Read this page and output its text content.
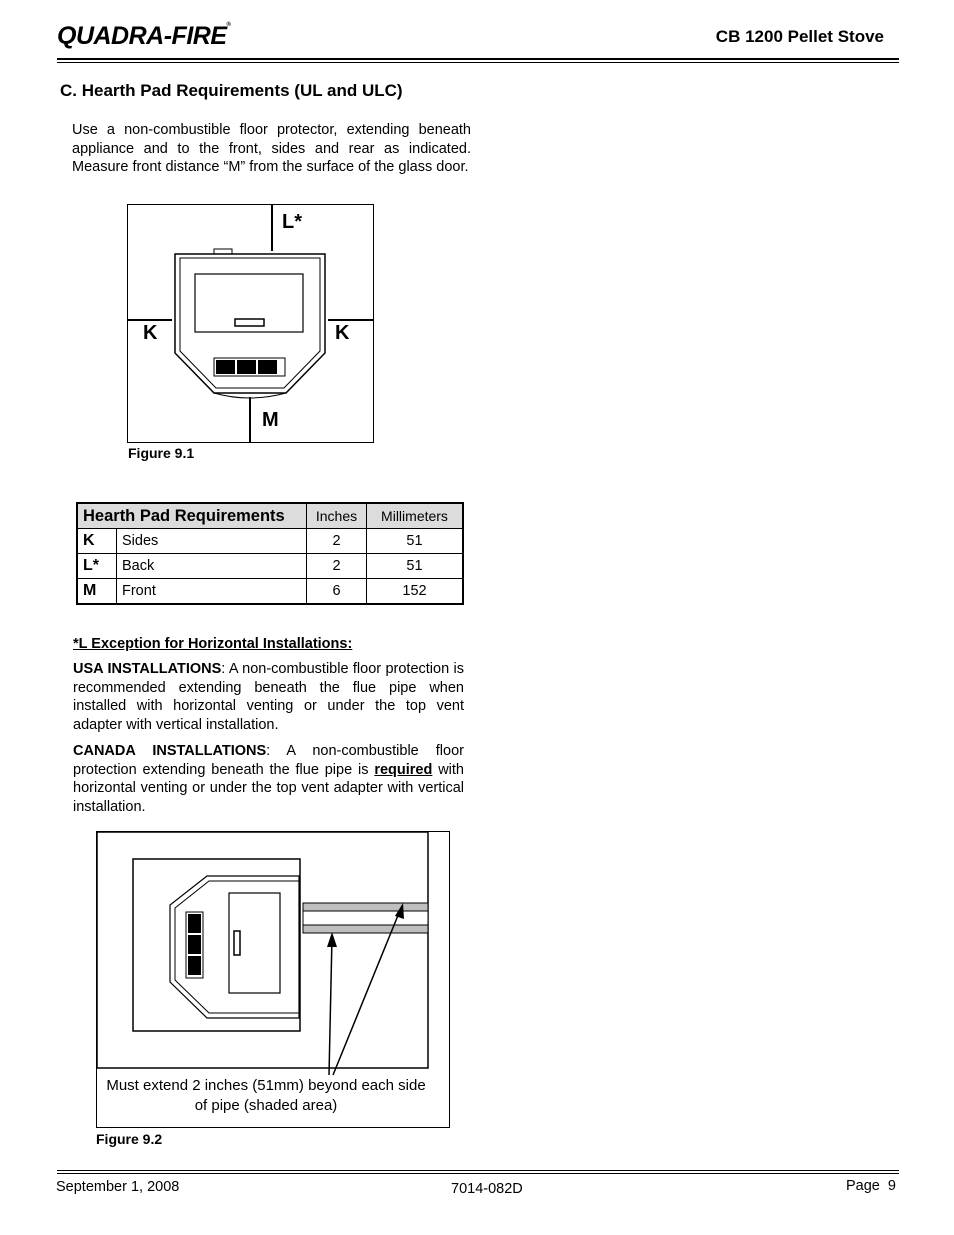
QUADRA-FIRE®
CB 1200 Pellet Stove
C. Hearth Pad Requirements (UL and ULC)
Use a non-combustible floor protector, extending beneath appliance and to the front, sides and rear as indicated. Measure front distance “M” from the surface of the glass door.
L*
K	K
M
Figure 9.1
Hearth Pad Requirements		Inches	Millimeters
K	Sides	2	51
L*	Back	2	51
M	Front	6	152
*L Exception for Horizontal Installations:
USA INSTALLATIONS: A non-combustible floor protection is recommended extending beneath the flue pipe when installed with horizontal venting or under the top vent adapter with vertical installation.
CANADA INSTALLATIONS: A non-combustible floor protection extending beneath the flue pipe is required with horizontal venting or under the top vent adapter with vertical installation.
Must extend 2 inches (51mm) beyond each side of pipe (shaded area)
Figure 9.2
September 1, 2008	7014-082D	Page 9
